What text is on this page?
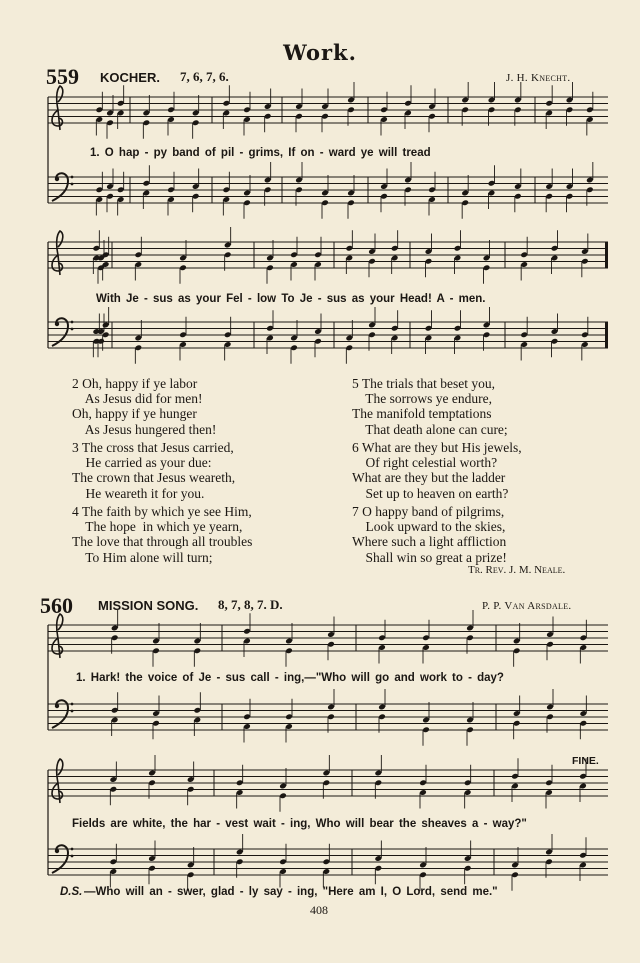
Work.
559 KOCHER. 7, 6, 7, 6.	J. H. Knecht.
1. O hap - py band of pil - grims, If on - ward ye will tread
With Je - sus as your Fel - low To Je - sus as your Head! A - men.
2 Oh, happy if ye labor
As Jesus did for men!
Oh, happy if ye hunger
As Jesus hungered then!
3 The cross that Jesus carried,
He carried as your due:
The crown that Jesus weareth,
He weareth it for you.
4 The faith by which ye see Him,
The hope  in which ye yearn,
The love that through all troubles
To Him alone will turn;
5 The trials that beset you,
The sorrows ye endure,
The manifold temptations
That death alone can cure;
6 What are they but His jewels,
Of right celestial worth?
What are they but the ladder
Set up to heaven on earth?
7 O happy band of pilgrims,
Look upward to the skies,
Where such a light affliction
Shall win so great a prize!
Tr. Rev. J. M. Neale.
560 MISSION SONG. 8, 7, 8, 7. D.	P. P. Van Arsdale.
1. Hark! the voice of Je - sus call - ing,—"Who will go and work to - day?
Fields are white, the har - vest wait - ing, Who will bear the sheaves a - way?"
FINE.
D.S. —Who will an - swer, glad - ly say - ing, "Here am I, O Lord, send me."
408
